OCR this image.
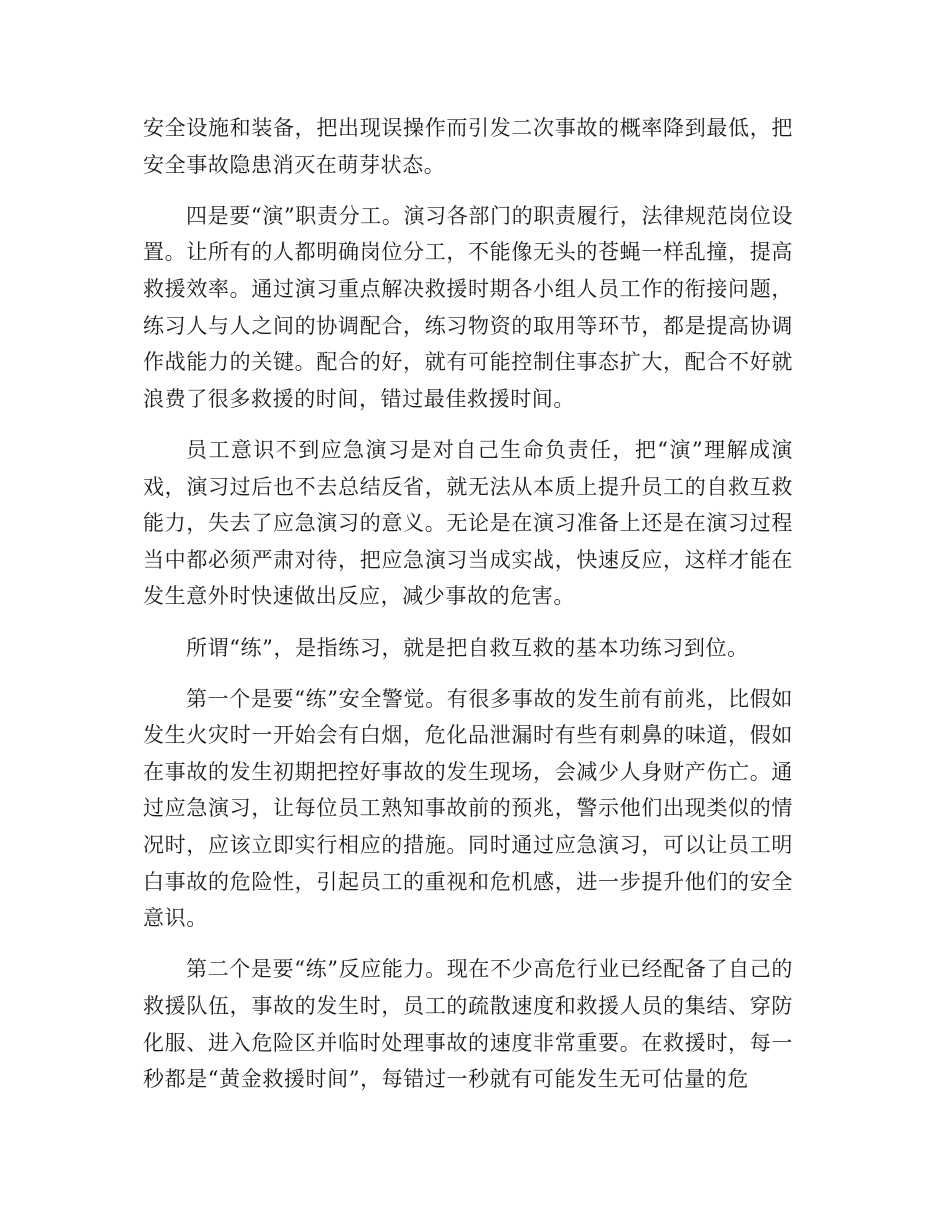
安全设施和装备，把出现误操作而引发二次事故的概率降到最低，把安全事故隐患消灭在萌芽状态。

四是要“演”职责分工。演习各部门的职责履行，法律规范岗位设置。让所有的人都明确岗位分工，不能像无头的苍蝇一样乱撞，提高救援效率。通过演习重点解决救援时期各小组人员工作的衔接问题，练习人与人之间的协调配合，练习物资的取用等环节，都是提高协调作战能力的关键。配合的好，就有可能控制住事态扩大，配合不好就浪费了很多救援的时间，错过最佳救援时间。

员工意识不到应急演习是对自己生命负责任，把“演”理解成演戏，演习过后也不去总结反省，就无法从本质上提升员工的自救互救能力，失去了应急演习的意义。无论是在演习准备上还是在演习过程当中都必须严肃对待，把应急演习当成实战，快速反应，这样才能在发生意外时快速做出反应，减少事故的危害。

所谓“练”，是指练习，就是把自救互救的基本功练习到位。

第一个是要“练”安全警觉。有很多事故的发生前有前兆，比假如发生火灾时一开始会有白烟，危化品泄漏时有些有刺鼻的味道，假如在事故的发生初期把控好事故的发生现场，会减少人身财产伤亡。通过应急演习，让每位员工熟知事故前的预兆，警示他们出现类似的情况时，应该立即实行相应的措施。同时通过应急演习，可以让员工明白事故的危险性，引起员工的重视和危机感，进一步提升他们的安全意识。

第二个是要“练”反应能力。现在不少高危行业已经配备了自己的救援队伍，事故的发生时，员工的疏散速度和救援人员的集结、穿防化服、进入危险区并临时处理事故的速度非常重要。在救援时，每一秒都是“黄金救援时间”，每错过一秒就有可能发生无可估量的危
